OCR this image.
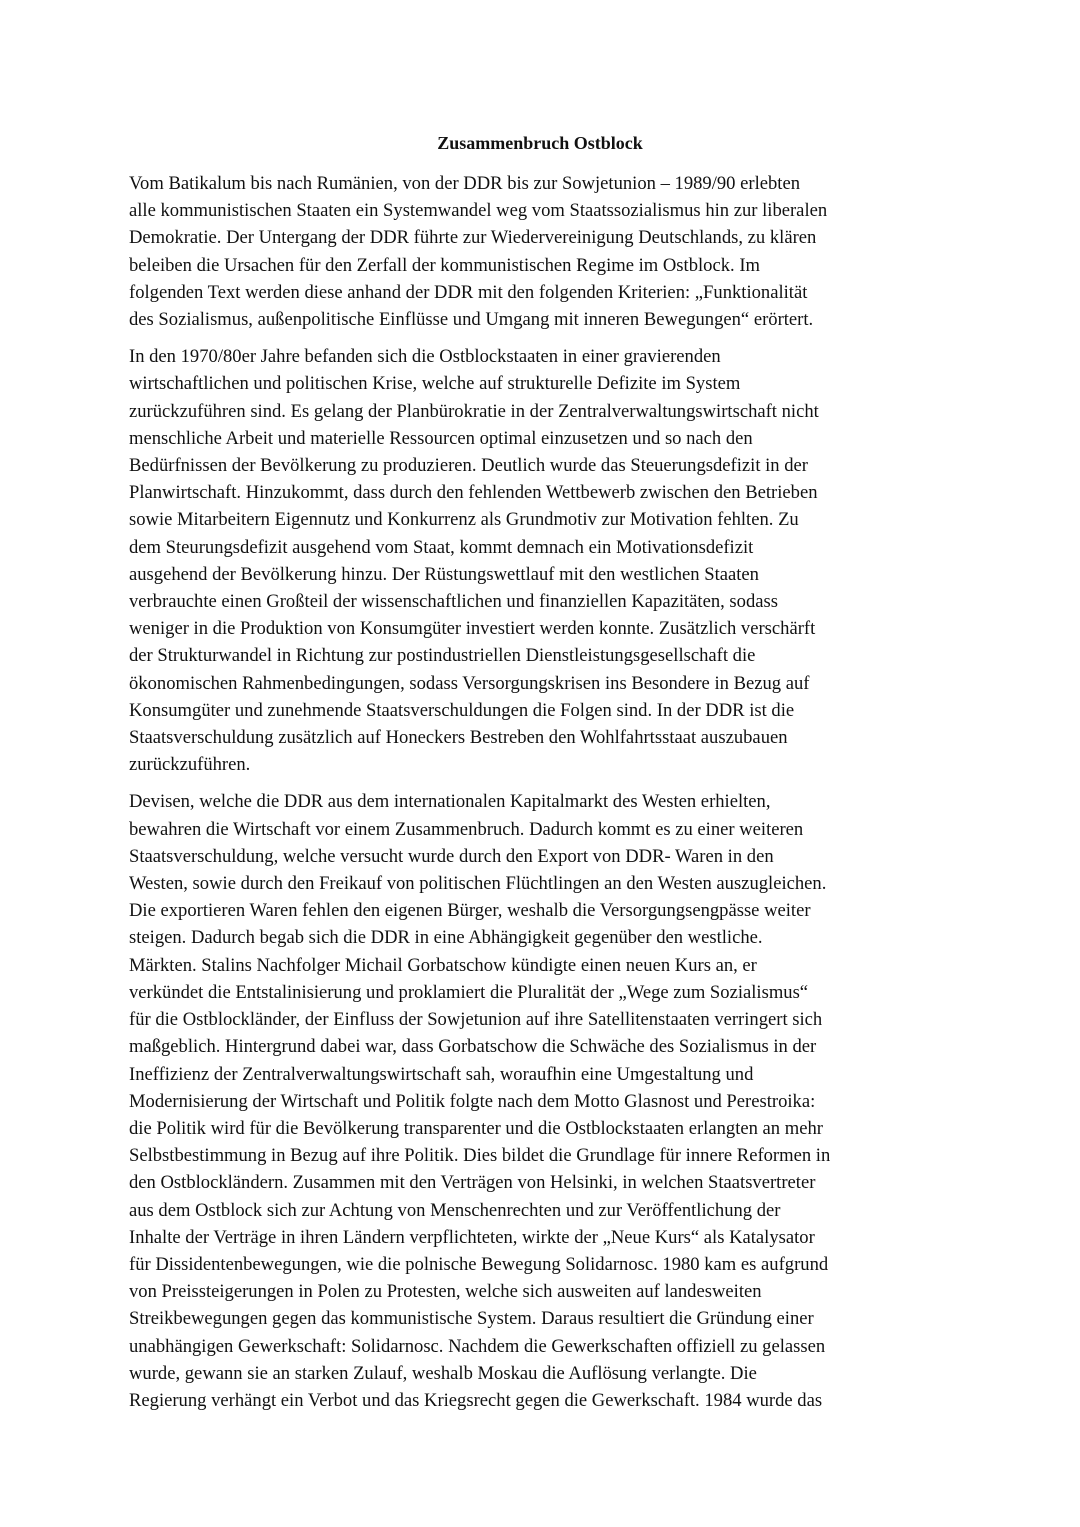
Zusammenbruch Ostblock

Vom Batikalum bis nach Rumänien, von der DDR bis zur Sowjetunion – 1989/90 erlebten
alle kommunistischen Staaten ein Systemwandel weg vom Staatssozialismus hin zur liberalen
Demokratie. Der Untergang der DDR führte zur Wiedervereinigung Deutschlands, zu klären
beleiben die Ursachen für den Zerfall der kommunistischen Regime im Ostblock. Im
folgenden Text werden diese anhand der DDR mit den folgenden Kriterien: „Funktionalität
des Sozialismus, außenpolitische Einflüsse und Umgang mit inneren Bewegungen“ erörtert.

In den 1970/80er Jahre befanden sich die Ostblockstaaten in einer gravierenden
wirtschaftlichen und politischen Krise, welche auf strukturelle Defizite im System
zurückzuführen sind. Es gelang der Planbürokratie in der Zentralverwaltungswirtschaft nicht
menschliche Arbeit und materielle Ressourcen optimal einzusetzen und so nach den
Bedürfnissen der Bevölkerung zu produzieren. Deutlich wurde das Steuerungsdefizit in der
Planwirtschaft. Hinzukommt, dass durch den fehlenden Wettbewerb zwischen den Betrieben
sowie Mitarbeitern Eigennutz und Konkurrenz als Grundmotiv zur Motivation fehlten. Zu
dem Steurungsdefizit ausgehend vom Staat, kommt demnach ein Motivationsdefizit
ausgehend der Bevölkerung hinzu. Der Rüstungswettlauf mit den westlichen Staaten
verbrauchte einen Großteil der wissenschaftlichen und finanziellen Kapazitäten, sodass
weniger in die Produktion von Konsumgüter investiert werden konnte. Zusätzlich verschärft
der Strukturwandel in Richtung zur postindustriellen Dienstleistungsgesellschaft die
ökonomischen Rahmenbedingungen, sodass Versorgungskrisen ins Besondere in Bezug auf
Konsumgüter und zunehmende Staatsverschuldungen die Folgen sind. In der DDR ist die
Staatsverschuldung zusätzlich auf Honeckers Bestreben den Wohlfahrtsstaat auszubauen
zurückzuführen.

Devisen, welche die DDR aus dem internationalen Kapitalmarkt des Westen erhielten,
bewahren die Wirtschaft vor einem Zusammenbruch. Dadurch kommt es zu einer weiteren
Staatsverschuldung, welche versucht wurde durch den Export von DDR- Waren in den
Westen, sowie durch den Freikauf von politischen Flüchtlingen an den Westen auszugleichen.
Die exportieren Waren fehlen den eigenen Bürger, weshalb die Versorgungsengpässe weiter
steigen. Dadurch begab sich die DDR in eine Abhängigkeit gegenüber den westliche.
Märkten. Stalins Nachfolger Michail Gorbatschow kündigte einen neuen Kurs an, er
verkündet die Entstalinisierung und proklamiert die Pluralität der „Wege zum Sozialismus“
für die Ostblockländer, der Einfluss der Sowjetunion auf ihre Satellitenstaaten verringert sich
maßgeblich. Hintergrund dabei war, dass Gorbatschow die Schwäche des Sozialismus in der
Ineffizienz der Zentralverwaltungswirtschaft sah, woraufhin eine Umgestaltung und
Modernisierung der Wirtschaft und Politik folgte nach dem Motto Glasnost und Perestroika:
die Politik wird für die Bevölkerung transparenter und die Ostblockstaaten erlangten an mehr
Selbstbestimmung in Bezug auf ihre Politik. Dies bildet die Grundlage für innere Reformen in
den Ostblockländern. Zusammen mit den Verträgen von Helsinki, in welchen Staatsvertreter
aus dem Ostblock sich zur Achtung von Menschenrechten und zur Veröffentlichung der
Inhalte der Verträge in ihren Ländern verpflichteten, wirkte der „Neue Kurs“ als Katalysator
für Dissidentenbewegungen, wie die polnische Bewegung Solidarnosc. 1980 kam es aufgrund
von Preissteigerungen in Polen zu Protesten, welche sich ausweiten auf landesweiten
Streikbewegungen gegen das kommunistische System. Daraus resultiert die Gründung einer
unabhängigen Gewerkschaft: Solidarnosc. Nachdem die Gewerkschaften offiziell zu gelassen
wurde, gewann sie an starken Zulauf, weshalb Moskau die Auflösung verlangte. Die
Regierung verhängt ein Verbot und das Kriegsrecht gegen die Gewerkschaft. 1984 wurde das
